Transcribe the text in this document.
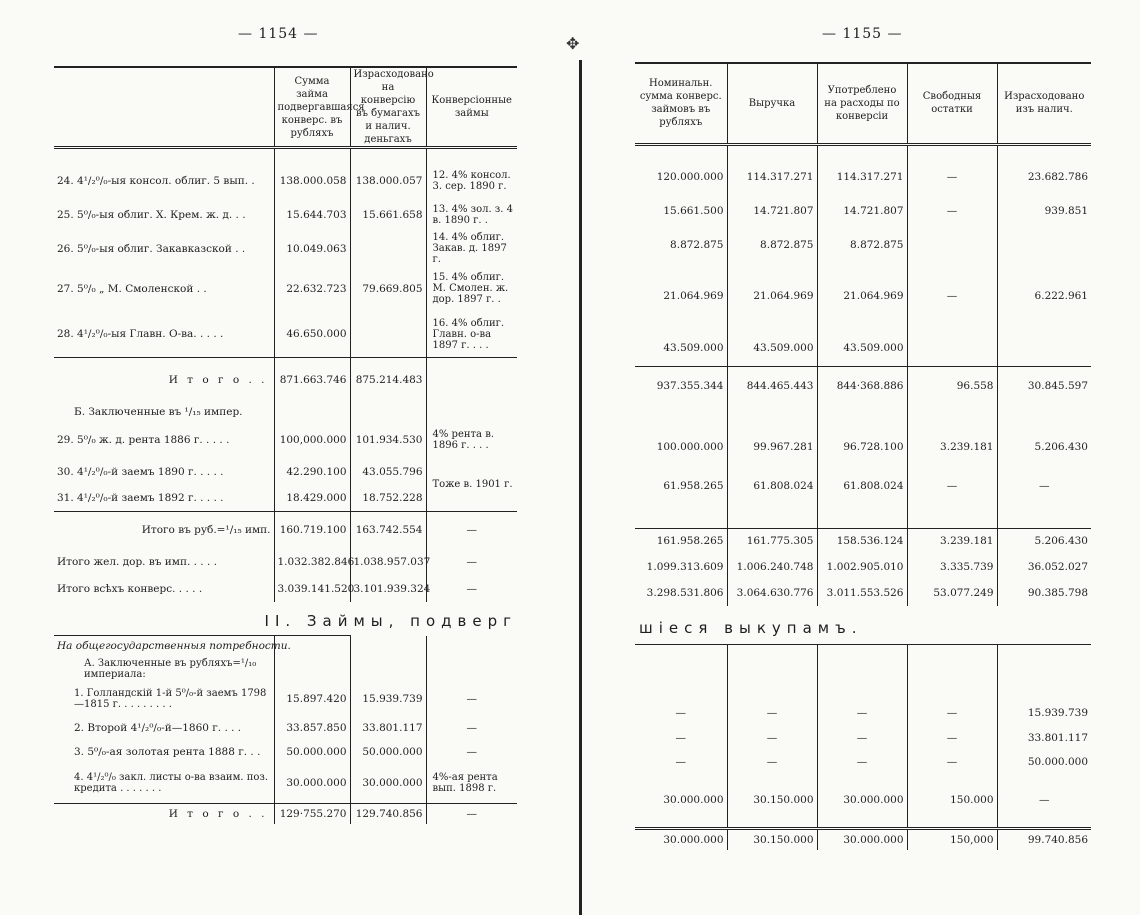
— 1154 —
	Сумма займа подвергавшаяся конверс. въ рубляхъ	Израсходовано на конверсію въ бумагахъ и налич. деньгахъ	Конверсіонные займы

24. 4¹/₂⁰/₀-ыя консол. облиг. 5 вып. .	138.000.058	138.000.057	12. 4% консол. 3. сер. 1890 г.
25. 5⁰/₀-ыя облиг. Х. Крем. ж. д. . .	15.644.703	15.661.658	13. 4% зол. з. 4 в. 1890 г. .
26. 5⁰/₀-ыя облиг. Закавказской . .	10.049.063		14. 4% облиг. Закав. д. 1897 г.
27. 5⁰/₀ „ М. Смоленской . .	22.632.723	79.669.805	15. 4% облиг. М. Смолен. ж. дор. 1897 г. .
28. 4¹/₂⁰/₀-ыя Главн. О-ва. . . . .	46.650.000		16. 4% облиг. Главн. о-ва 1897 г. . . .
И т о г о . .	871.663.746	875.214.483	
Б. Заключенные въ ¹/₁₅ импер.			
29. 5⁰/₀ ж. д. рента 1886 г. . . . .	100,000.000	101.934.530	4% рента в. 1896 г. . . .
30. 4¹/₂⁰/₀-й заемъ 1890 г. . . . .	42.290.100	43.055.796	Тоже в. 1901 г.
31. 4¹/₂⁰/₀-й заемъ 1892 г. . . . .	18.429.000	18.752.228	
Итого въ руб.=¹/₁₅ имп.	160.719.100	163.742.554	—
Итого жел. дор. въ имп. . . . .	1.032.382.846	1.038.957.037	—
Итого всѣхъ конверс. . . . .	3.039.141.520	3.101.939.324	—
II. Займы, подверг			
На общегосударственныя потребности.			
А. Заключенные въ рубляхъ=¹/₁₀ империала:			
1. Голландскій 1-й 5⁰/₀-й заемъ 1798—1815 г. . . . . . . . .	15.897.420	15.939.739	—
2. Второй 4¹/₂⁰/₀-й—1860 г. . . .	33.857.850	33.801.117	—
3. 5⁰/₀-ая золотая рента 1888 г. . .	50.000.000	50.000.000	—
4. 4¹/₂⁰/₀ закл. листы о-ва взаим. поз. кредита . . . . . . .	30.000.000	30.000.000	4%-ая рента вып. 1898 г.
И т о г о . .	129·755.270	129.740.856	—
✥	— 1155 —
Номинальн. сумма конверс. займовъ въ рубляхъ	Выручка	Употреблено на расходы по конверсіи	Свободныя остатки	Израсходовано изъ налич.

120.000.000	114.317.271	114.317.271	—	23.682.786
15.661.500	14.721.807	14.721.807	—	939.851
8.872.875	8.872.875	8.872.875		
21.064.969	21.064.969	21.064.969	—	6.222.961
43.509.000	43.509.000	43.509.000		
937.355.344	844.465.443	844·368.886	96.558	30.845.597

100.000.000	99.967.281	96.728.100	3.239.181	5.206.430
61.958.265	61.808.024	61.808.024	—	—

161.958.265	161.775.305	158.536.124	3.239.181	5.206.430
1.099.313.609	1.006.240.748	1.002.905.010	3.335.739	36.052.027
3.298.531.806	3.064.630.776	3.011.553.526	53.077.249	90.385.798
шіеся выкупамъ.				

—	—	—	—	15.939.739
—	—	—	—	33.801.117
—	—	—	—	50.000.000
30.000.000	30.150.000	30.000.000	150.000	—
30.000.000	30.150.000	30.000.000	150,000	99.740.856
